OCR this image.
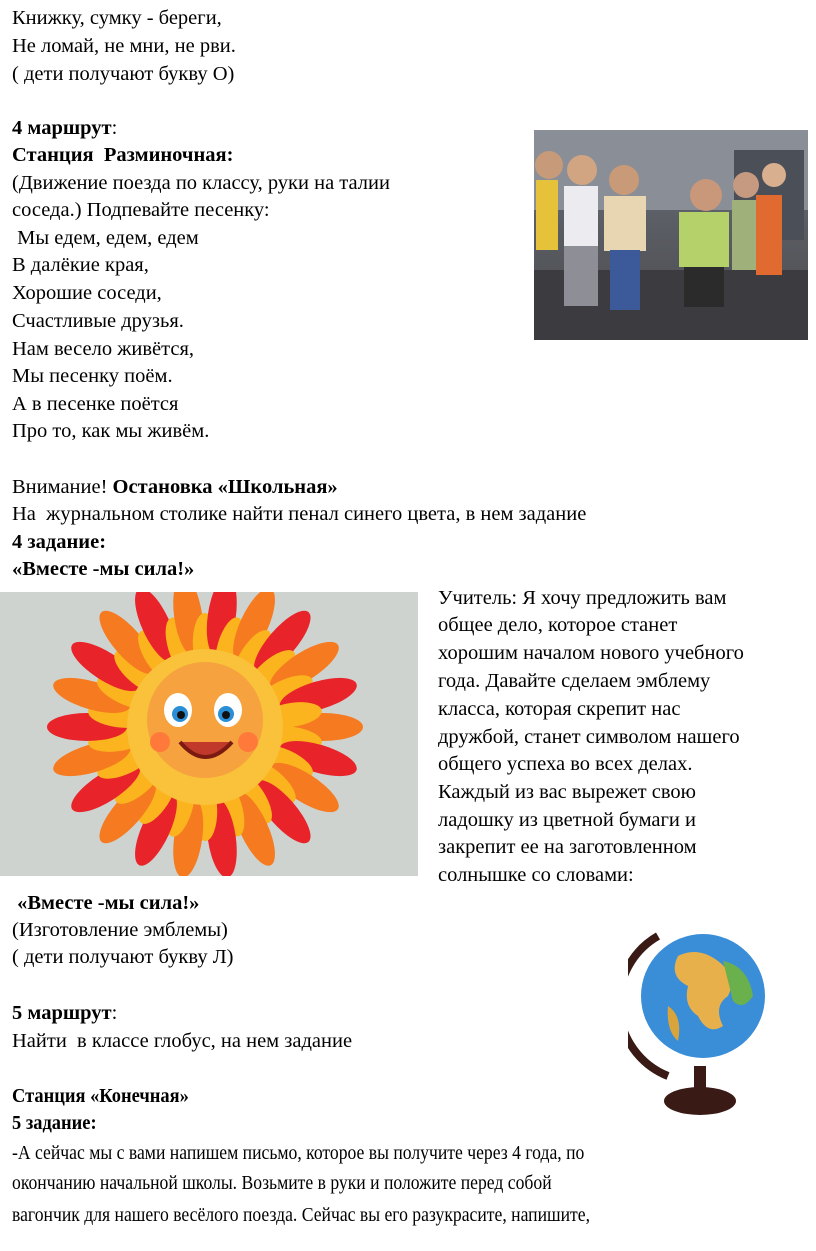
Книжку, сумку - береги,
Не ломай, не мни, не рви.
( дети получают букву О)
4 маршрут:
Станция  Разминочная:
(Движение поезда по классу, руки на талии
соседа.) Подпевайте песенку:
Мы едем, едем, едем
В далёкие края,
Хорошие соседи,
Счастливые друзья.
Нам весело живётся,
Мы песенку поём.
А в песенке поётся
Про то, как мы живём.
Внимание! Остановка «Школьная»
На  журнальном столике найти пенал синего цвета, в нем задание
4 задание:
«Вместе -мы сила!»
Учитель: Я хочу предложить вам
общее дело, которое станет
хорошим началом нового учебного
года. Давайте сделаем эмблему
класса, которая скрепит нас
дружбой, станет символом нашего
общего успеха во всех делах.
Каждый из вас вырежет свою
ладошку из цветной бумаги и
закрепит ее на заготовленном
солнышке со словами:
«Вместе -мы сила!»
(Изготовление эмблемы)
( дети получают букву Л)
5 маршрут:
Найти  в классе глобус, на нем задание
Станция «Конечная»
5 задание:
-А сейчас мы с вами напишем письмо, которое вы получите через 4 года, по
окончанию начальной школы. Возьмите в руки и положите перед собой
вагончик для нашего весёлого поезда. Сейчас вы его разукрасите, напишите,
